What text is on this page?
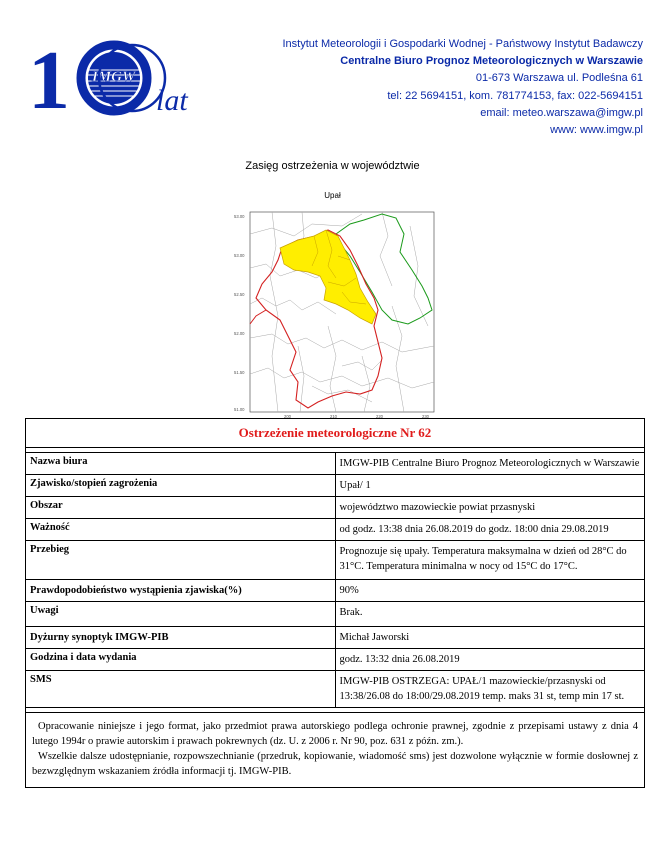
1 IMGW
lat
Instytut Meteorologii i Gospodarki Wodnej - Państwowy Instytut Badawczy
Centralne Biuro Prognoz Meteorologicznych w Warszawie
01-673 Warszawa ul. Podleśna 61
tel: 22 5694151, kom. 781774153, fax: 022-5694151
email: meteo.warszawa@imgw.pl
www: www.imgw.pl
Zasięg ostrzeżenia w województwie
Upał
53.00
53.00
52.50
52.00
51.50
51.00
200	210	220	230
Ostrzeżenie meteorologiczne Nr 62	

Nazwa biura	IMGW-PIB Centralne Biuro Prognoz Meteorologicznych w Warszawie
Zjawisko/stopień zagrożenia	Upał/ 1
Obszar	województwo mazowieckie powiat przasnyski
Ważność	od godz. 13:38 dnia 26.08.2019 do godz. 18:00 dnia 29.08.2019
Przebieg	Prognozuje się upały. Temperatura maksymalna w dzień od 28°C do 31°C. Temperatura minimalna w nocy od 15°C do 17°C.
Prawdopodobieństwo wystąpienia zjawiska(%)	90%
Uwagi	Brak.
Dyżurny synoptyk IMGW-PIB	Michał Jaworski
Godzina i data wydania	godz. 13:32 dnia 26.08.2019
SMS	IMGW-PIB OSTRZEGA: UPAŁ/1 mazowieckie/przasnyski od 13:38/26.08 do 18:00/29.08.2019 temp. maks 31 st, temp min 17 st.

Opracowanie niniejsze i jego format, jako przedmiot prawa autorskiego podlega ochronie prawnej, zgodnie z przepisami ustawy z dnia 4 lutego 1994r o prawie autorskim i prawach pokrewnych (dz. U. z 2006 r. Nr 90, poz. 631 z późn. zm.).
Wszelkie dalsze udostępnianie, rozpowszechnianie (przedruk, kopiowanie, wiadomość sms) jest dozwolone wyłącznie w formie dosłownej z bezwzględnym wskazaniem źródła informacji tj. IMGW-PIB.	
